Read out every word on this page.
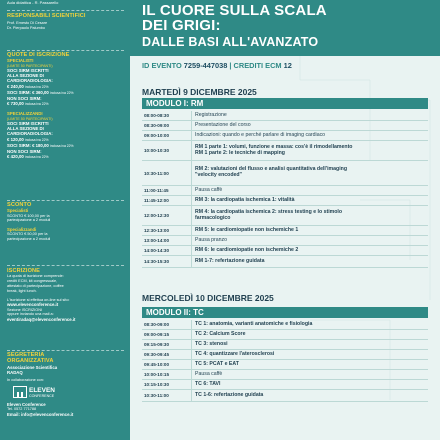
Aula didattica - R. Passarello
RESPONSABILI SCIENTIFICI
Prof. Ernesto Di Cesare
Dr. Pierpaolo Palumbo
QUOTE DI ISCRIZIONE
SPECIALISTI
(LIMITE 50 PARTECIPANTI)
SOCI SIRM ISCRITTI
ALLA SEZIONE DI
CARDIORADIOLOGIA:
€ 240,00 inclusa iva 22%
SOCI SIRM: € 360,00 inclusa iva 22%
NON SOCI SIRM:
€ 730,00 inclusa iva 22%
SPECIALIZZANDI
(LIMITE 50 PARTECIPANTI)
SOCI SIRM ISCRITTI
ALLA SEZIONE DI
CARDIORADIOLOGIA:
€ 120,00 inclusa iva 22%
SOCI SIRM: € 180,00 inclusa iva 22%
NON SOCI SIRM:
€ 420,00 inclusa iva 22%
SCONTO
Specialisti
SCONTO € 100,00 per la
partecipazione a 2 moduli
Specializzandi
SCONTO € 50,00 per la
partecipazione a 2 moduli
ISCRIZIONE
La quota di iscrizione comprende:
crediti ECM, kit congressuale,
attestato di partecipazione, coffee
break, light lunch.
L'iscrizione si effettua on-line sul sito:
www.elevenconference.it
Sezione ISCRIZIONI
oppure inviando una mail a:
eventiradaq@elevenconference.it
SEGRETERIA ORGANIZZATIVA
Associazione Scientifica
RADAQ
In collaborazione con:
ELEVEN
CONFERENCE
Eleven Conference
Tel. 0572 771788
Email: info@elevenconference.it
IL CUORE SULLA SCALA
DEI GRIGI:
DALLE BASI ALL'AVANZATO
ID EVENTO 7259-447038 | CREDITI ECM 12
MARTEDÌ 9 DICEMBRE 2025
MODULO I: RM
08:00-08:30	Registrazione
08:30-09:00	Presentazione del corso
09:00-10:00	Indicazioni: quando e perché parlare di imaging cardiaco
10:00-10:30
RM 1 parte 1: volumi, funzione e massa: cos'è il rimodellamento
RM 1 parte 2: le tecniche di mapping
10:30-11:00
RM 2: valutazioni del flusso e analisi quantitativa dell'imaging
"velocity encoded"
11:00-11:45	Pausa caffè
11:45-12:00	RM 3: la cardiopatia ischemica 1: vitalità
12:00-12:30
RM 4: la cardiopatia ischemica 2: stress testing e lo stimolo
farmacologico
12:30-13:00	RM 5: le cardiomiopatie non ischemiche 1
13:00-14:00	Pausa pranzo
14:00-14:30	RM 6: le cardiomiopatie non ischemiche 2
14:30-15:30	RM 1-7: refertazione guidata
MERCOLEDÌ 10 DICEMBRE 2025
MODULO II: TC
08:30-09:00	TC 1: anatomia, varianti anatomiche e fisiologia
09:00-09:15	TC 2: Calcium Score
09:15-09:30	TC 3: stenosi
09:30-09:45	TC 4: quantizzare l'aterosclerosi
09:45-10:00	TC 5: PCAT e EAT
10:00-10:15	Pausa caffè
10:15-10:30	TC 6: TAVI
10:30-11:00	TC 1-6: refertazione guidata
